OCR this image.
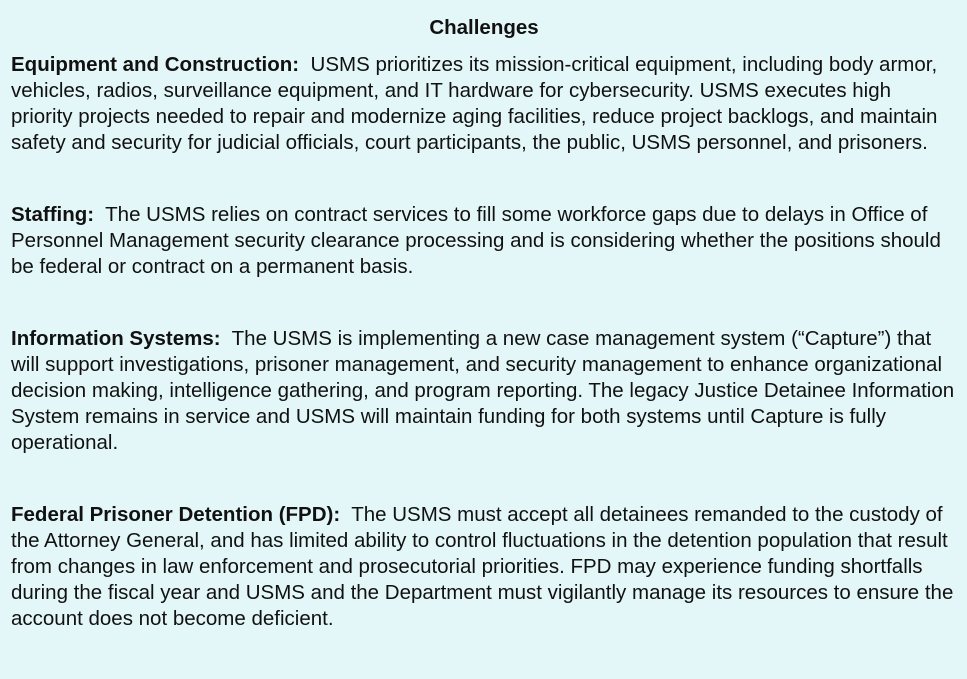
Challenges

Equipment and Construction: USMS prioritizes its mission-critical equipment, including body armor, vehicles, radios, surveillance equipment, and IT hardware for cybersecurity. USMS executes high priority projects needed to repair and modernize aging facilities, reduce project backlogs, and maintain safety and security for judicial officials, court participants, the public, USMS personnel, and prisoners.

Staffing: The USMS relies on contract services to fill some workforce gaps due to delays in Office of Personnel Management security clearance processing and is considering whether the positions should be federal or contract on a permanent basis.

Information Systems: The USMS is implementing a new case management system (“Capture”) that will support investigations, prisoner management, and security management to enhance organizational decision making, intelligence gathering, and program reporting. The legacy Justice Detainee Information System remains in service and USMS will maintain funding for both systems until Capture is fully operational.

Federal Prisoner Detention (FPD): The USMS must accept all detainees remanded to the custody of the Attorney General, and has limited ability to control fluctuations in the detention population that result from changes in law enforcement and prosecutorial priorities. FPD may experience funding shortfalls during the fiscal year and USMS and the Department must vigilantly manage its resources to ensure the account does not become deficient.
